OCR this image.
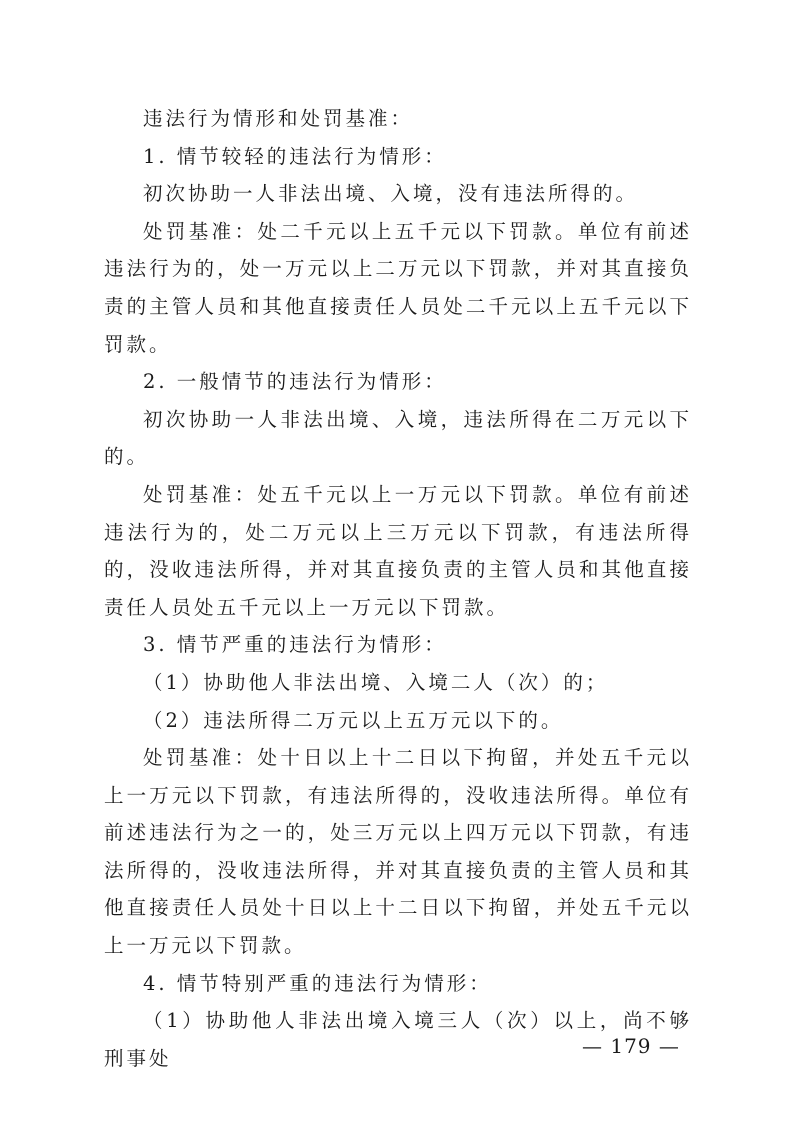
违法行为情形和处罚基准：

1. 情节较轻的违法行为情形：

初次协助一人非法出境、入境，没有违法所得的。

处罚基准：处二千元以上五千元以下罚款。单位有前述违法行为的，处一万元以上二万元以下罚款，并对其直接负责的主管人员和其他直接责任人员处二千元以上五千元以下罚款。

2. 一般情节的违法行为情形：

初次协助一人非法出境、入境，违法所得在二万元以下的。

处罚基准：处五千元以上一万元以下罚款。单位有前述违法行为的，处二万元以上三万元以下罚款，有违法所得的，没收违法所得，并对其直接负责的主管人员和其他直接责任人员处五千元以上一万元以下罚款。

3. 情节严重的违法行为情形：

（1）协助他人非法出境、入境二人（次）的；

（2）违法所得二万元以上五万元以下的。

处罚基准：处十日以上十二日以下拘留，并处五千元以上一万元以下罚款，有违法所得的，没收违法所得。单位有前述违法行为之一的，处三万元以上四万元以下罚款，有违法所得的，没收违法所得，并对其直接负责的主管人员和其他直接责任人员处十日以上十二日以下拘留，并处五千元以上一万元以下罚款。

4. 情节特别严重的违法行为情形：

（1）协助他人非法出境入境三人（次）以上，尚不够刑事处

— 179 —
